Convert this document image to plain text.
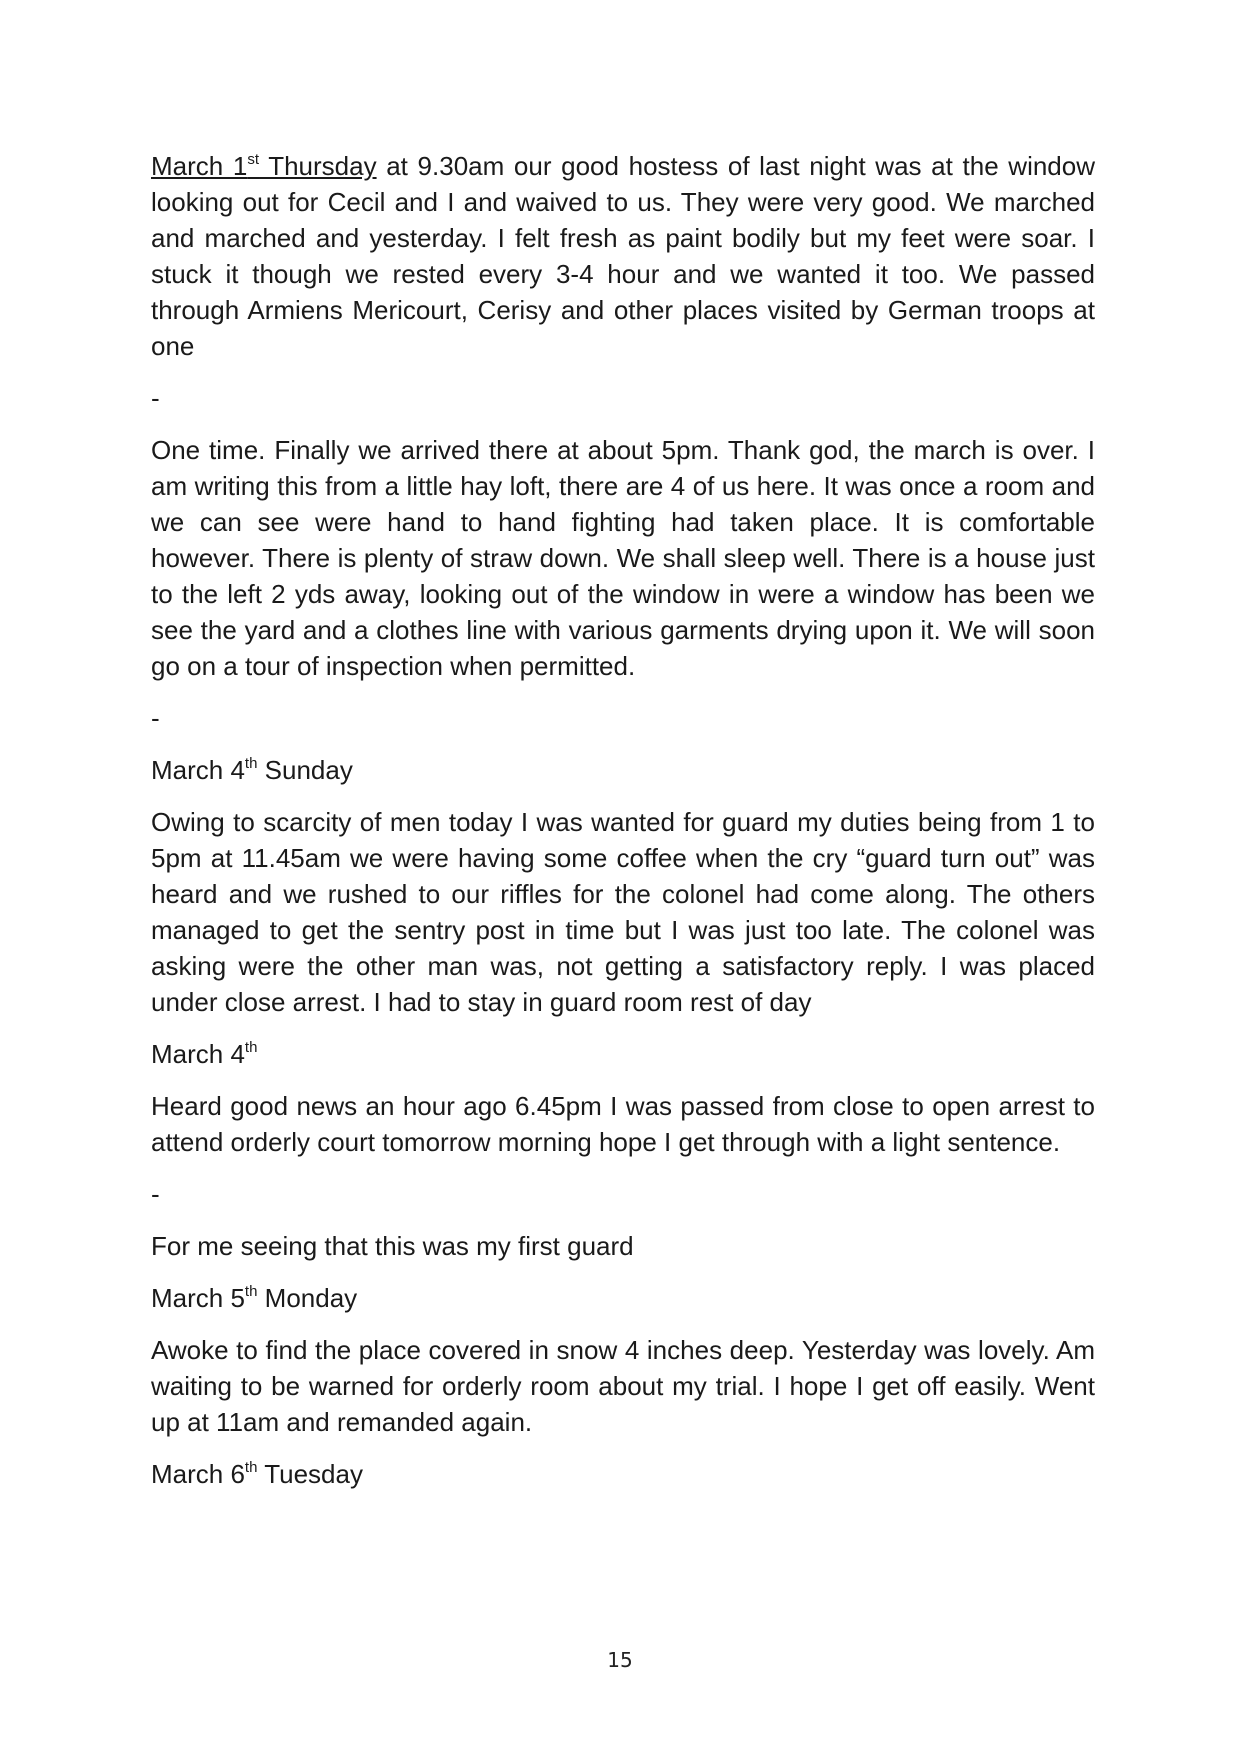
March 1st Thursday at 9.30am our good hostess of last night was at the window looking out for Cecil and I and waived to us. They were very good. We marched and marched and yesterday. I felt fresh as paint bodily but my feet were soar. I stuck it though we rested every 3-4 hour and we wanted it too. We passed through Armiens Mericourt, Cerisy and other places visited by German troops at one

-

One time. Finally we arrived there at about 5pm. Thank god, the march is over. I am writing this from a little hay loft, there are 4 of us here. It was once a room and we can see were hand to hand fighting had taken place. It is comfortable however. There is plenty of straw down. We shall sleep well. There is a house just to the left 2 yds away, looking out of the window in were a window has been we see the yard and a clothes line with various garments drying upon it. We will soon go on a tour of inspection when permitted.

-

March 4th Sunday

Owing to scarcity of men today I was wanted for guard my duties being from 1 to 5pm at 11.45am we were having some coffee when the cry “guard turn out” was heard and we rushed to our riffles for the colonel had come along. The others managed to get the sentry post in time but I was just too late. The colonel was asking were the other man was, not getting a satisfactory reply. I was placed under close arrest. I had to stay in guard room rest of day

March 4th

Heard good news an hour ago 6.45pm I was passed from close to open arrest to attend orderly court tomorrow morning hope I get through with a light sentence.

-

For me seeing that this was my first guard

March 5th Monday

Awoke to find the place covered in snow 4 inches deep. Yesterday was lovely. Am waiting to be warned for orderly room about my trial. I hope I get off easily. Went up at 11am and remanded again.

March 6th Tuesday

15
